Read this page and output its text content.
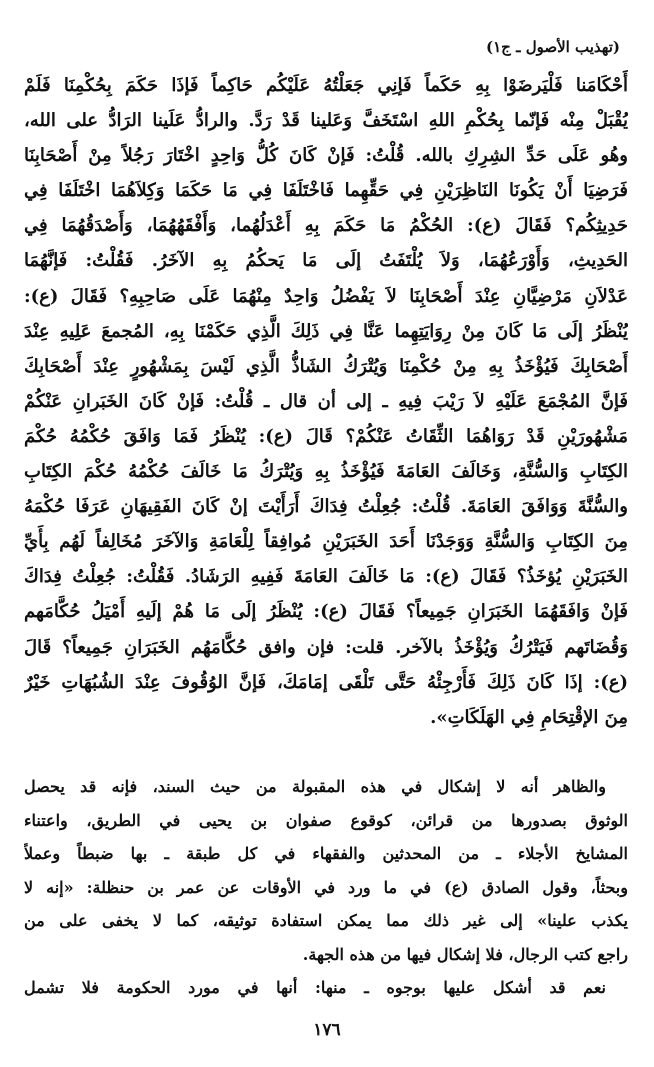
(تهذيب الأصول ـ ج١)
أَحْكَامَنا فَلْيَرضَوْا بِهِ حَكَماً فَإنِي جَعَلْتُهُ عَلَيْكُم حَاكِماً فَإذَا حَكَمَ بِحُكْمِنَا فَلَمْ
يُقْبَلْ مِنْه فَإنّما بِحُكْمِ اللهِ اسْتَخَفَّ وَعَلينا قَدْ رَدَّ. والرادُّ عَلَينا الرَادُّ على الله،
وهُو عَلَى حَدِّ الشِرِكِ بالله. قُلْتُ: فَإنْ كَانَ كُلُّ وَاحِدٍ اخْتَارَ رَجُلاً مِنْ أَصْحَابِنَا
فَرَضِيَا أَنْ يَكُونَا النَاظِرَيْنِ فِي حَقِّهِما فَاخْتَلَفَا فِي مَا حَكَمَا وَكِلاَهُمَا اخْتَلَفَا فِي
حَدِيثِكُم؟ فَقَالَ (ع): الحُكْمُ مَا حَكَمَ بِهِ أَعْدَلُهُما، وَأَفْقَهُهُمَا، وَأَصْدَقُهُمَا فِي
الحَدِيثِ، وَأَوْرَعُهُمَا، وَلاَ يُلْتَفَتُ إلَى مَا يَحكُمُ بِهِ الآخَرُ. فَقُلْتُ: فَإنَّهُمَا
عَدْلاَنِ مَرْضِيَّانِ عِنْدَ أَصْحَابِنَا لاَ يَفْضُلُ وَاحِدٌ مِنْهُمَا عَلَى صَاحِبِهِ؟ فَقَالَ (ع):
يُنْظَرُ إلَى مَا كَانَ مِنْ رِوَايَتِهِما عَنَّا فِي ذَلِكَ الَّذِي حَكَمْنَا بِهِ، المُجمعَ عَلِيهِ عِنْدَ
أَصْحَابِكَ فَيُؤْخَذُ بِهِ مِنْ حُكْمِنَا وَيُتْرَكُ الشَاذُّ الَّذِي لَيْسَ بِمَشْهُورٍ عِنْدَ أَصْحَابِكَ
فَإنَّ المُجْمَعَ عَلَيْهِ لاَ رَيْبَ فِيهِ ـ إلى أن قال ـ قُلْتُ: فَإنْ كَانَ الخَبَرانِ عَنْكُمْ
مَشْهُورَيْنِ قَدْ رَوَاهُمَا الثِّقَاتُ عَنْكُمْ؟ قَالَ (ع): يُنْظَرُ فَمَا وَافَقَ حُكْمُهُ حُكْمَ
الكِتَابِ وَالسُّنَّةِ، وَخَالَفَ العَامَةَ فَيُؤْخَذُ بِهِ وَيُتْرَكُ مَا خَالَفَ حُكْمُهُ حُكْمَ الكِتَابِ
والسُّنَّةَ وَوَافَقَ العَامَةَ. قُلْتُ: جُعِلْتُ فِدَاكَ أَرَأَيْتَ إنْ كَانَ الفَقِيهَانِ عَرَفَا حُكْمَهُ
مِنَ الكِتَابِ وَالسُّنَّةِ وَوَجَدْنَا أَحَدَ الخَبَرَيْنِ مُوافِقاً لِلْعَامَةِ وَالآخَرَ مُخَالِفاً لَهُم بِأَيِّ
الخَبَرَيْنِ يُؤخَذُ؟ فَقَالَ (ع): مَا خَالَفَ العَامَةَ فَفِيهِ الرَشَادُ. فَقُلْتُ: جُعِلْتُ فِدَاكَ
فَإنْ وَافَقَهُمَا الخَبَرَانِ جَمِيعاً؟ فَقَالَ (ع): يُنْظَرُ إلَى مَا هُمْ إلَيهِ أَمْيَلُ حُكَّامَهم
وَقُضَاتَهم فَيَتْرُكُ وَيُؤْخَذُ بالآخر. قلت: فإن وافق حُكَّامَهُم الخَبَرَانِ جَمِيعاً؟ قَالَ
(ع): إذَا كَانَ ذَلِكَ فَأَرْجِئْهُ حَتَّى تَلْقَى إمَامَكَ، فَإنَّ الوُقُوفَ عِنْدَ الشُبُهَاتِ خَيْرٌ
مِنَ الإقْتِحَامِ فِي الهَلَكَاتِ».
والظاهر أنه لا إشكال في هذه المقبولة من حيث السند، فإنه قد يحصل
الوثوق بصدورها من قرائن، كوقوع صفوان بن يحيى في الطريق، واعتناء
المشايخ الأجلاء ـ من المحدثين والفقهاء في كل طبقة ـ بها ضبطاً وعملاً
وبحثاً، وقول الصادق (ع) في ما ورد في الأوقات عن عمر بن حنظلة: «إنه لا
يكذب علينا» إلى غير ذلك مما يمكن استفادة توثيقه، كما لا يخفى على من
راجع كتب الرجال، فلا إشكال فيها من هذه الجهة.
نعم قد أشكل عليها بوجوه ـ منها: أنها في مورد الحكومة فلا تشمل
١٧٦
